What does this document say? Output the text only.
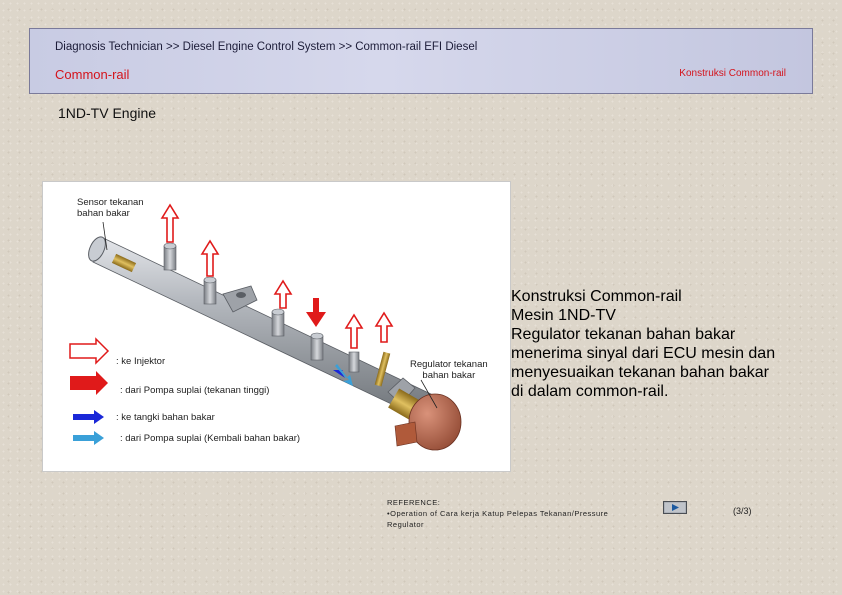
Diagnosis Technician >> Diesel Engine Control System >> Common-rail EFI Diesel
Common-rail	Konstruksi Common-rail
1ND-TV Engine
Sensor tekanan
bahan bakar
Regulator tekanan
bahan bakar
: ke Injektor
: dari Pompa suplai (tekanan tinggi)
: ke tangki bahan bakar
: dari Pompa suplai (Kembali bahan bakar)
Konstruksi Common-rail
Mesin 1ND-TV
Regulator tekanan bahan bakar
menerima sinyal dari ECU mesin dan
menyesuaikan tekanan bahan bakar
di dalam common-rail.
REFERENCE:
•Operation of Cara kerja Katup Pelepas Tekanan/Pressure
Regulator
(3/3)
